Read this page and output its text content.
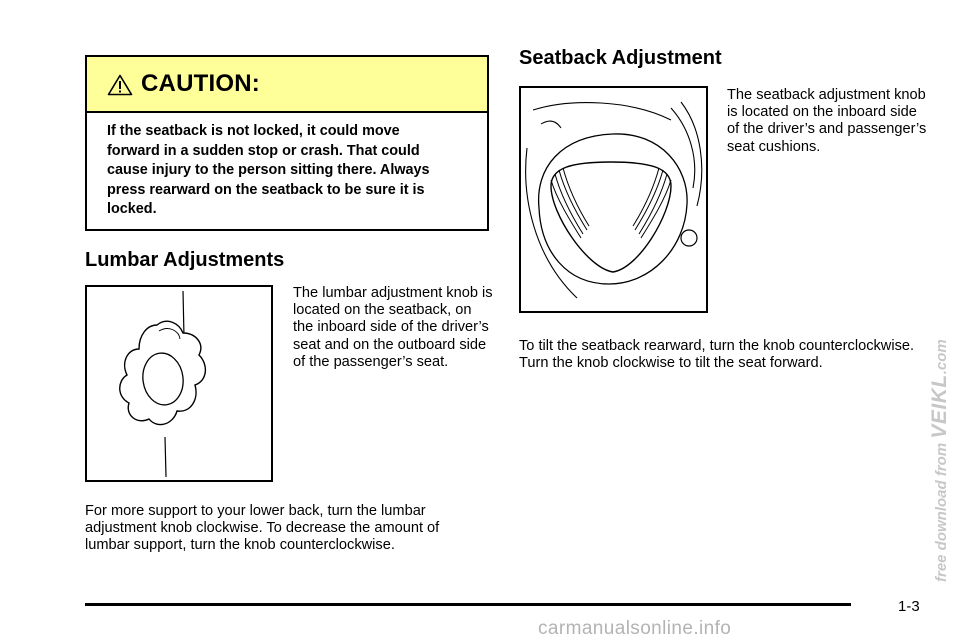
CAUTION:
If the seatback is not locked, it could move forward in a sudden stop or crash. That could cause injury to the person sitting there. Always press rearward on the seatback to be sure it is locked.
Lumbar Adjustments
The lumbar adjustment knob is located on the seatback, on the inboard side of the driver’s seat and on the outboard side of the passenger’s seat.
For more support to your lower back, turn the lumbar adjustment knob clockwise. To decrease the amount of lumbar support, turn the knob counterclockwise.
Seatback Adjustment
The seatback adjustment knob is located on the inboard side of the driver’s and passenger’s seat cushions.
To tilt the seatback rearward, turn the knob counterclockwise. Turn the knob clockwise to tilt the seat forward.
1-3
carmanualsonline.info
free download from VEIKL.com
